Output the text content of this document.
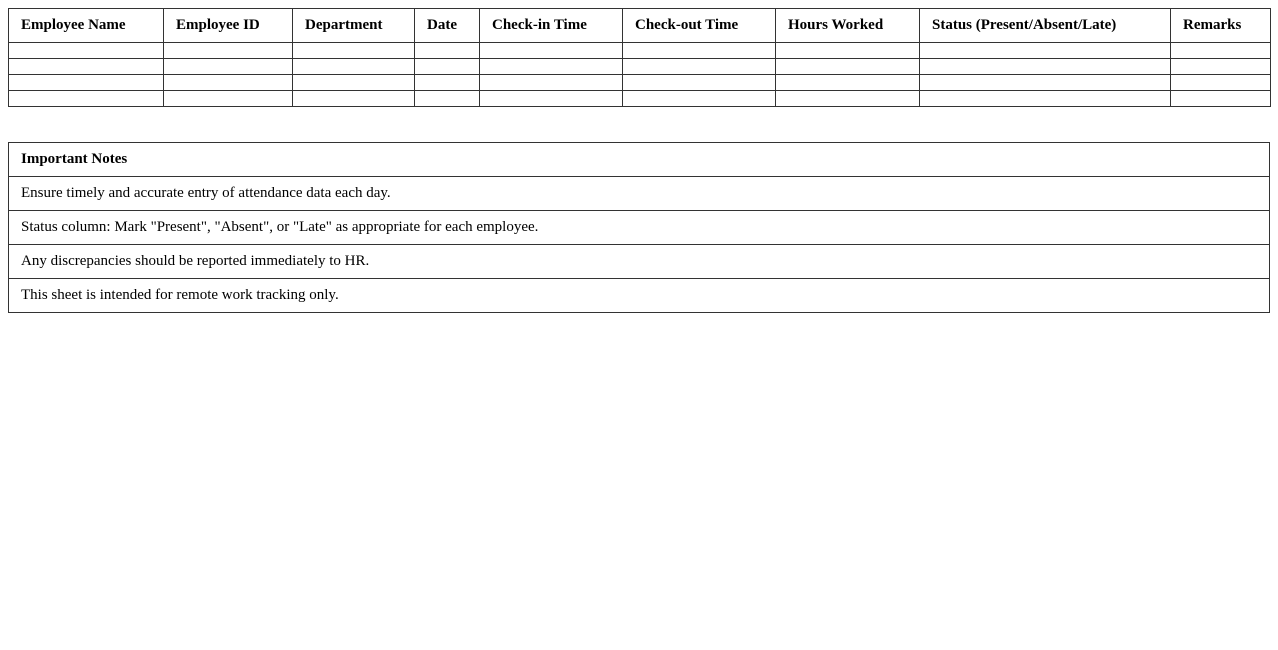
Employee Name	Employee ID	Department	Date	Check-in Time	Check-out Time	Hours Worked	Status (Present/Absent/Late)	Remarks

Important Notes
Ensure timely and accurate entry of attendance data each day.
Status column: Mark "Present", "Absent", or "Late" as appropriate for each employee.
Any discrepancies should be reported immediately to HR.
This sheet is intended for remote work tracking only.
